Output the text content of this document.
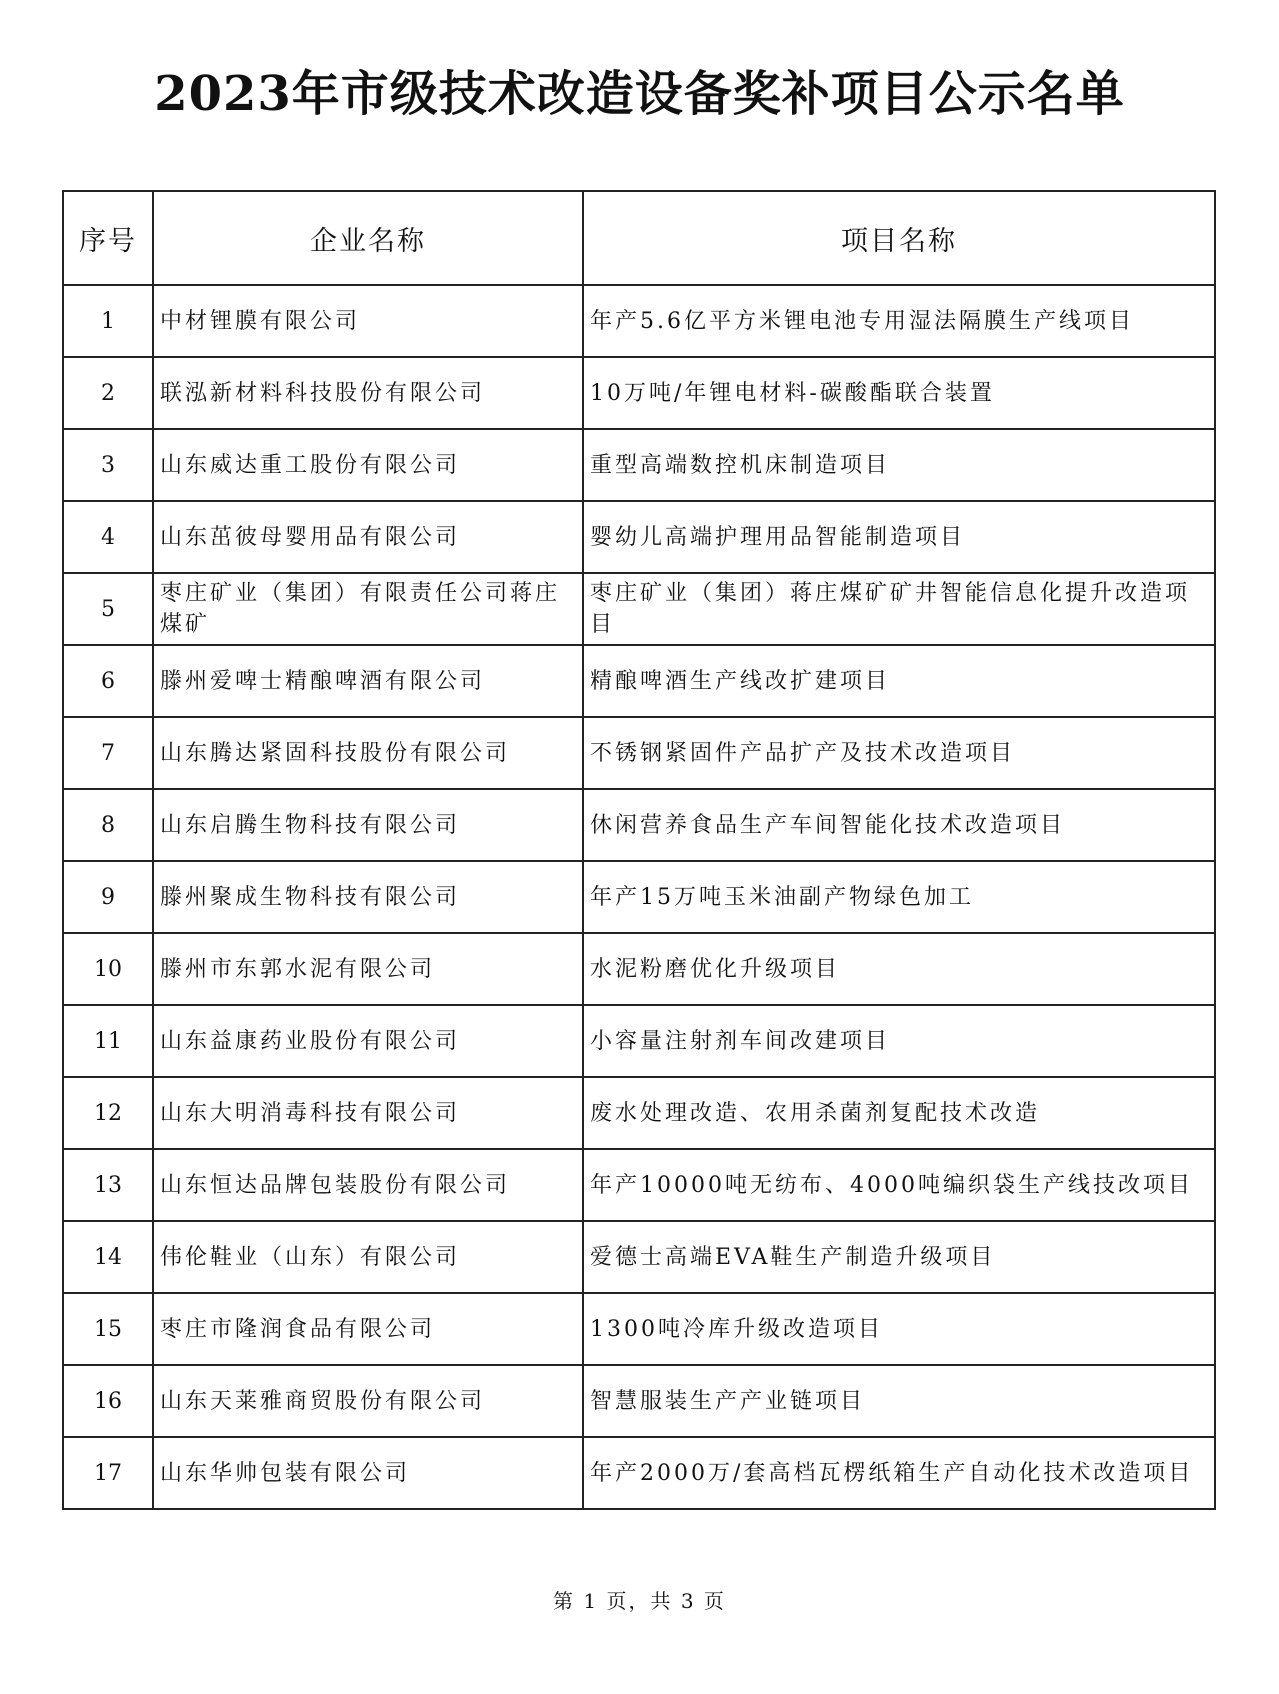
2023年市级技术改造设备奖补项目公示名单
序号	企业名称	项目名称
1	中材锂膜有限公司	年产5.6亿平方米锂电池专用湿法隔膜生产线项目
2	联泓新材料科技股份有限公司	10万吨/年锂电材料-碳酸酯联合装置
3	山东威达重工股份有限公司	重型高端数控机床制造项目
4	山东茁彼母婴用品有限公司	婴幼儿高端护理用品智能制造项目
5	枣庄矿业（集团）有限责任公司蒋庄煤矿	枣庄矿业（集团）蒋庄煤矿矿井智能信息化提升改造项目
6	滕州爱啤士精酿啤酒有限公司	精酿啤酒生产线改扩建项目
7	山东腾达紧固科技股份有限公司	不锈钢紧固件产品扩产及技术改造项目
8	山东启腾生物科技有限公司	休闲营养食品生产车间智能化技术改造项目
9	滕州聚成生物科技有限公司	年产15万吨玉米油副产物绿色加工
10	滕州市东郭水泥有限公司	水泥粉磨优化升级项目
11	山东益康药业股份有限公司	小容量注射剂车间改建项目
12	山东大明消毒科技有限公司	废水处理改造、农用杀菌剂复配技术改造
13	山东恒达品牌包装股份有限公司	年产10000吨无纺布、4000吨编织袋生产线技改项目
14	伟伦鞋业（山东）有限公司	爱德士高端EVA鞋生产制造升级项目
15	枣庄市隆润食品有限公司	1300吨冷库升级改造项目
16	山东天莱雅商贸股份有限公司	智慧服装生产产业链项目
17	山东华帅包装有限公司	年产2000万/套高档瓦楞纸箱生产自动化技术改造项目

第 1 页，共 3 页
